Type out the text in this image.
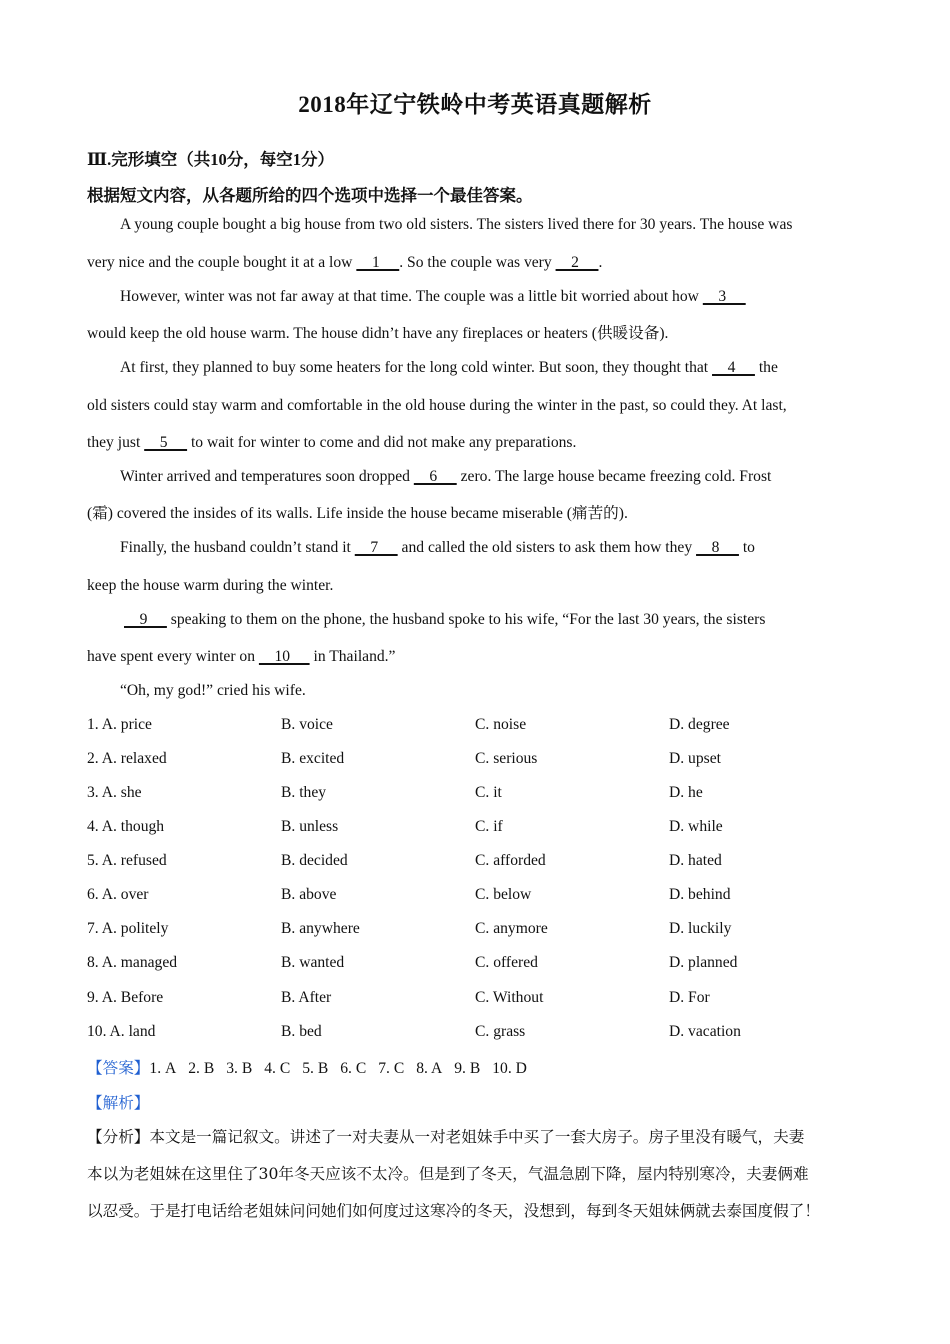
2018年辽宁铁岭中考英语真题解析
Ⅲ.完形填空（共10分，每空1分）
根据短文内容，从各题所给的四个选项中选择一个最佳答案。
A young couple bought a big house from two old sisters. The sisters lived there for 30 years. The house was
very nice and the couple bought it at a low     1     . So the couple was very     2     .
However, winter was not far away at that time. The couple was a little bit worried about how     3
would keep the old house warm. The house didn’t have any fireplaces or heaters (供暖设备).
At first, they planned to buy some heaters for the long cold winter. But soon, they thought that     4      the
old sisters could stay warm and comfortable in the old house during the winter in the past, so could they. At last,
they just     5      to wait for winter to come and did not make any preparations.
Winter arrived and temperatures soon dropped     6      zero. The large house became freezing cold. Frost
(霜) covered the insides of its walls. Life inside the house became miserable (痛苦的).
Finally, the husband couldn’t stand it     7      and called the old sisters to ask them how they     8      to
keep the house warm during the winter.
9      speaking to them on the phone, the husband spoke to his wife, “For the last 30 years, the sisters
have spent every winter on     10      in Thailand.”
“Oh, my god!” cried his wife.
1. A. price	B. voice	C. noise	D. degree
2. A. relaxed	B. excited	C. serious	D. upset
3. A. she	B. they	C. it	D. he
4. A. though	B. unless	C. if	D. while
5. A. refused	B. decided	C. afforded	D. hated
6. A. over	B. above	C. below	D. behind
7. A. politely	B. anywhere	C. anymore	D. luckily
8. A. managed	B. wanted	C. offered	D. planned
9. A. Before	B. After	C. Without	D. For
10. A. land	B. bed	C. grass	D. vacation
【答案】1. A 2. B 3. B 4. C 5. B 6. C 7. C 8. A 9. B 10. D
【解析】
【分析】本文是一篇记叙文。讲述了一对夫妻从一对老姐妹手中买了一套大房子。房子里没有暖气，夫妻
本以为老姐妹在这里住了30年冬天应该不太冷。但是到了冬天，气温急剧下降，屋内特别寒冷，夫妻俩难
以忍受。于是打电话给老姐妹问问她们如何度过这寒冷的冬天，没想到，每到冬天姐妹俩就去泰国度假了！
